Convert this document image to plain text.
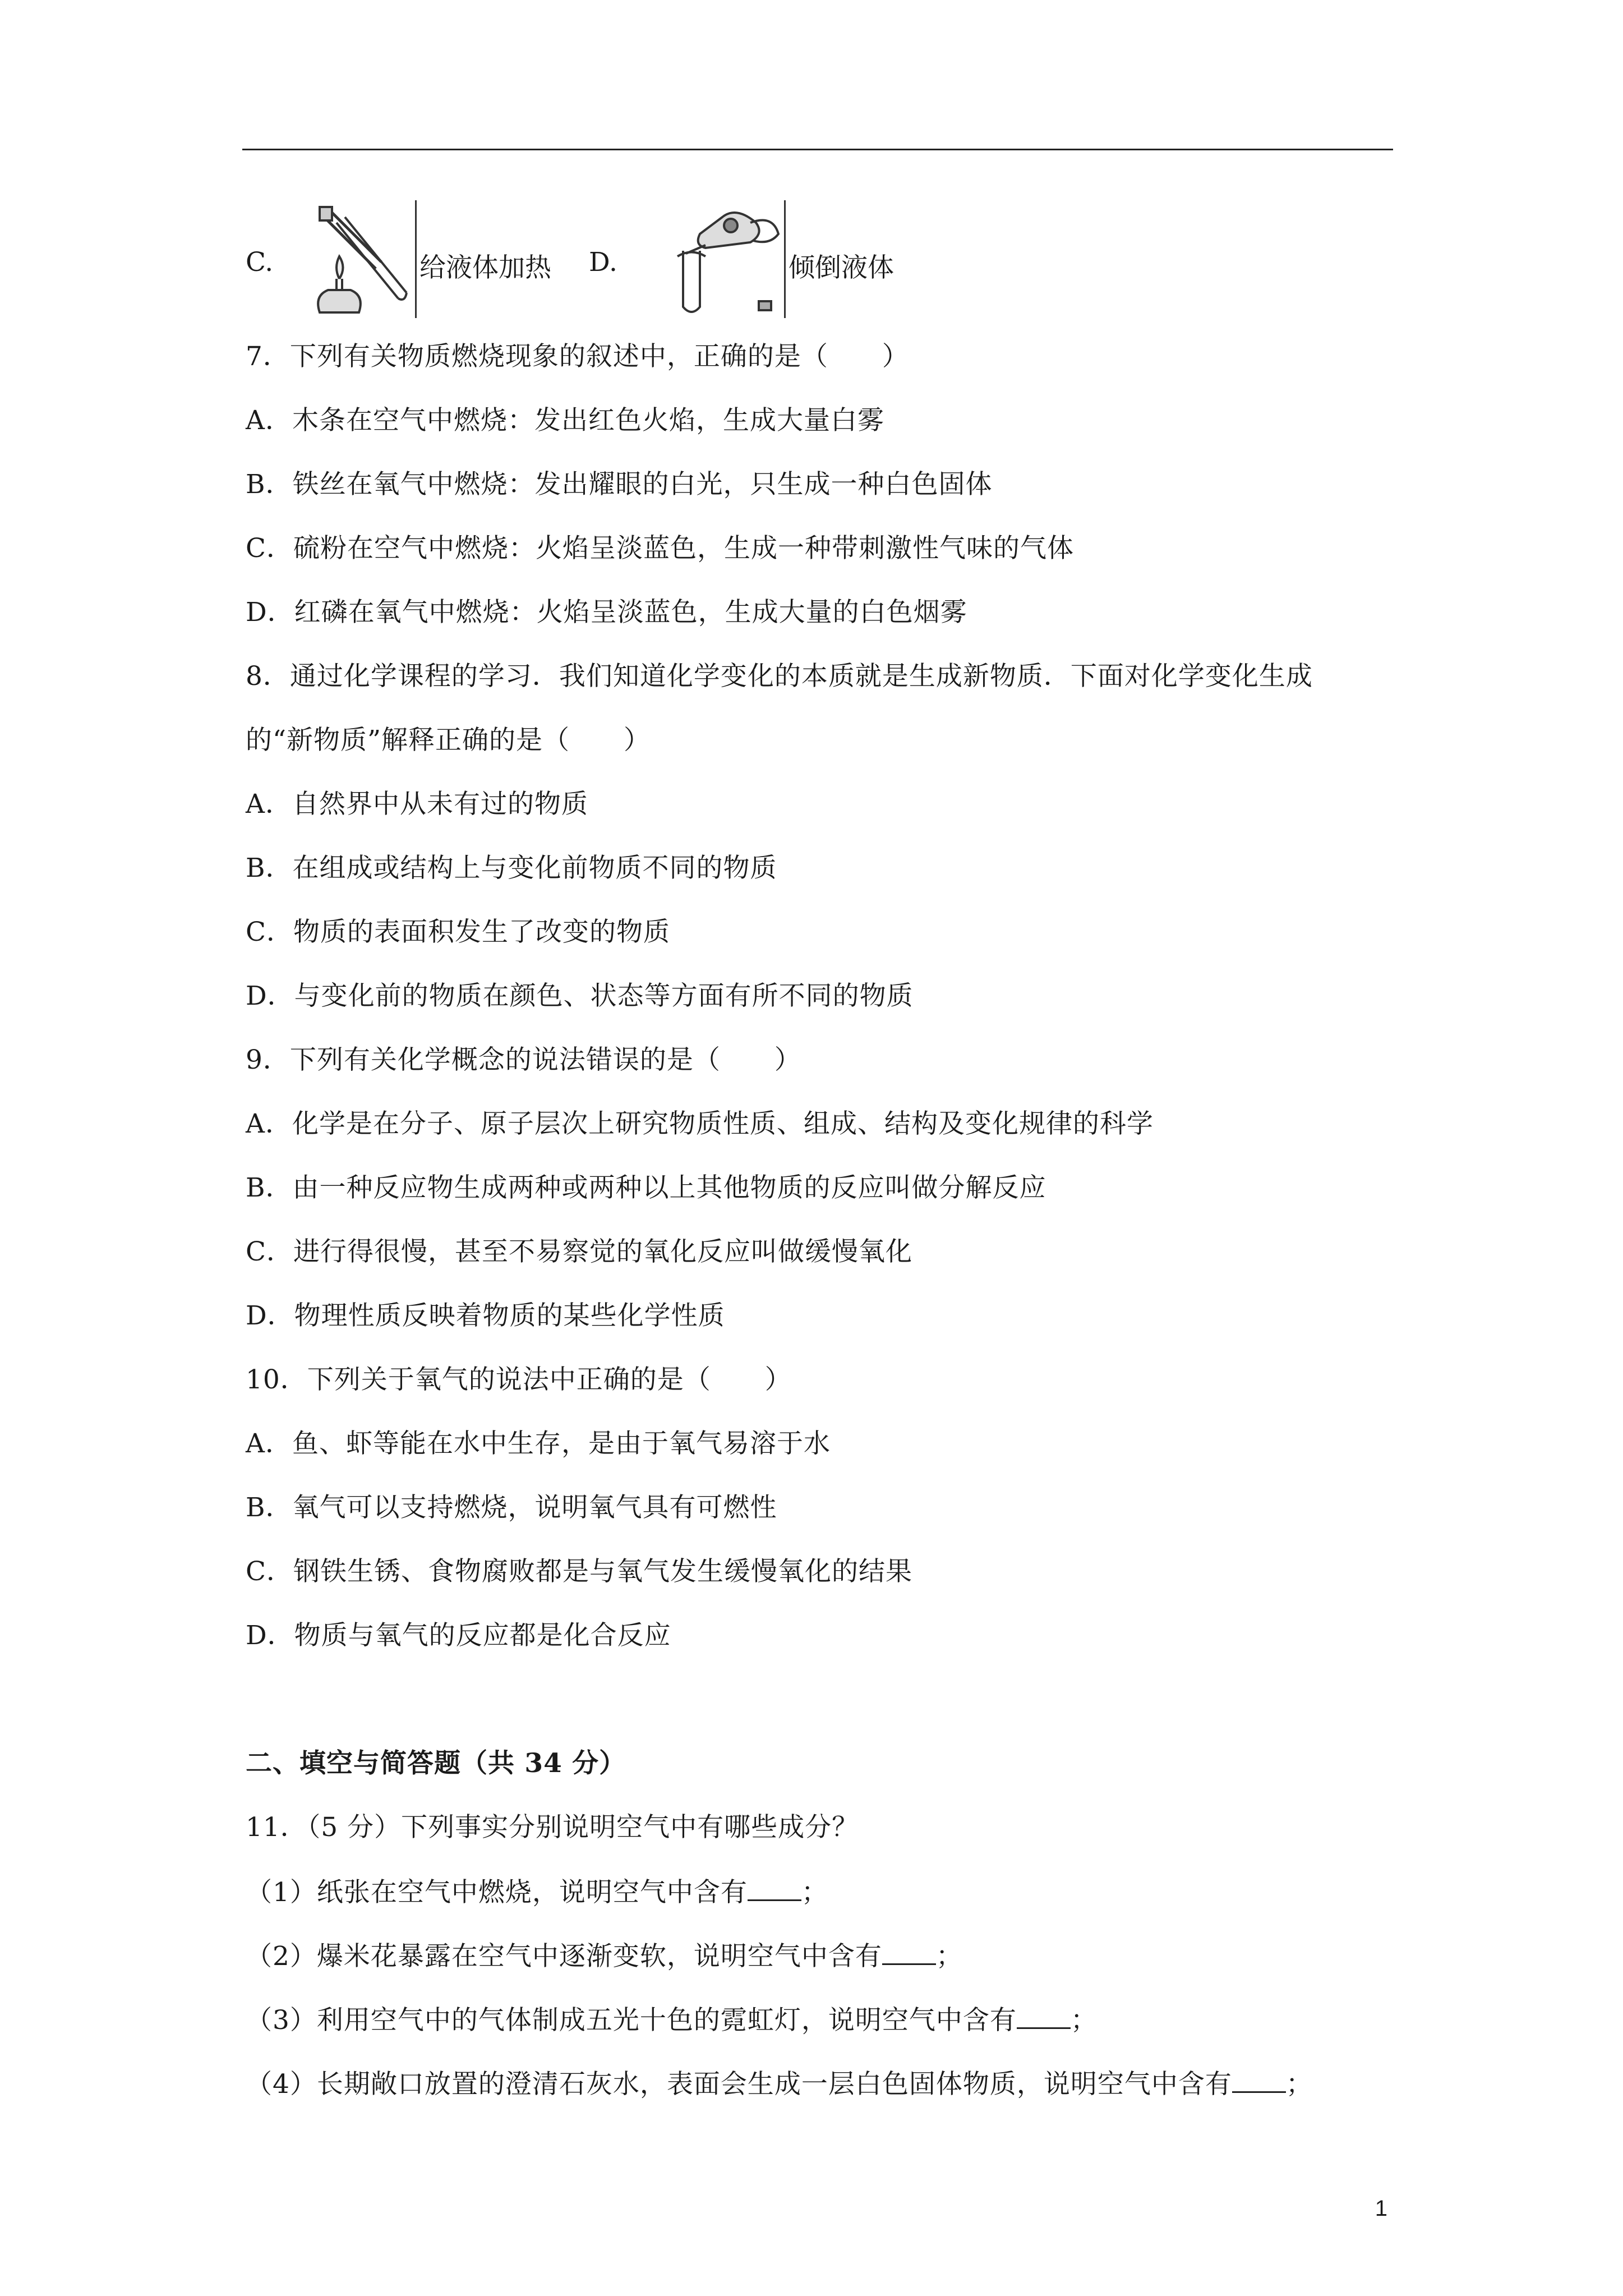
C.	给液体加热 D.	倾倒液体
7．下列有关物质燃烧现象的叙述中，正确的是（　　）
A．木条在空气中燃烧：发出红色火焰，生成大量白雾
B．铁丝在氧气中燃烧：发出耀眼的白光，只生成一种白色固体
C．硫粉在空气中燃烧：火焰呈淡蓝色，生成一种带刺激性气味的气体
D．红磷在氧气中燃烧：火焰呈淡蓝色，生成大量的白色烟雾
8．通过化学课程的学习．我们知道化学变化的本质就是生成新物质．下面对化学变化生成
的“新物质”解释正确的是（　　）
A．自然界中从未有过的物质
B．在组成或结构上与变化前物质不同的物质
C．物质的表面积发生了改变的物质
D．与变化前的物质在颜色、状态等方面有所不同的物质
9．下列有关化学概念的说法错误的是（　　）
A．化学是在分子、原子层次上研究物质性质、组成、结构及变化规律的科学
B．由一种反应物生成两种或两种以上其他物质的反应叫做分解反应
C．进行得很慢，甚至不易察觉的氧化反应叫做缓慢氧化
D．物理性质反映着物质的某些化学性质
10．下列关于氧气的说法中正确的是（　　）
A．鱼、虾等能在水中生存，是由于氧气易溶于水
B．氧气可以支持燃烧，说明氧气具有可燃性
C．钢铁生锈、食物腐败都是与氧气发生缓慢氧化的结果
D．物质与氧气的反应都是化合反应
二、填空与简答题（共 34 分）
11．（5 分）下列事实分别说明空气中有哪些成分？
（1）纸张在空气中燃烧，说明空气中含有 ；
（2）爆米花暴露在空气中逐渐变软，说明空气中含有 ；
（3）利用空气中的气体制成五光十色的霓虹灯，说明空气中含有 ；
（4）长期敞口放置的澄清石灰水，表面会生成一层白色固体物质，说明空气中含有 ；
1
